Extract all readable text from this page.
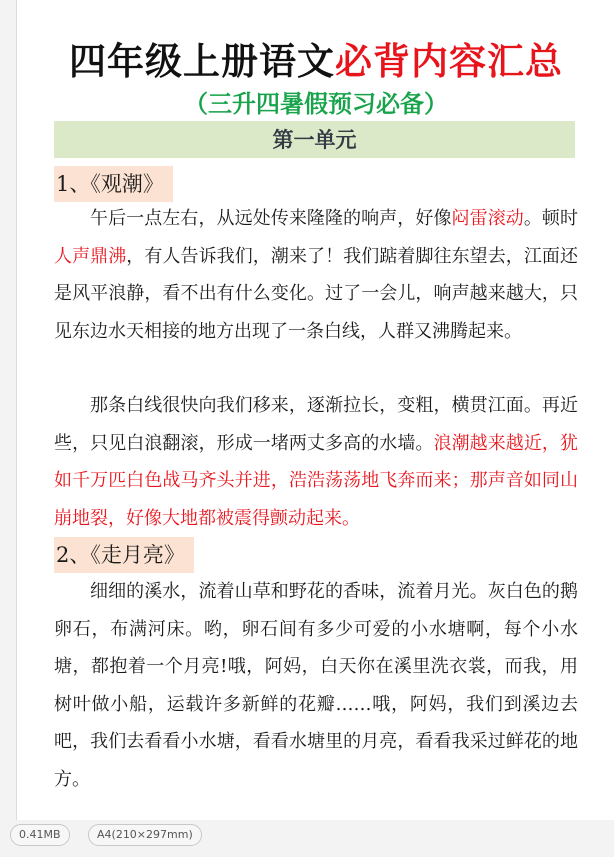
四年级上册语文必背内容汇总
（三升四暑假预习必备）
第一单元
1、《观潮》

午后一点左右，从远处传来隆隆的响声，好像闷雷滚动。顿时人声鼎沸，有人告诉我们，潮来了！我们踮着脚往东望去，江面还是风平浪静，看不出有什么变化。过了一会儿，响声越来越大，只见东边水天相接的地方出现了一条白线，人群又沸腾起来。

那条白线很快向我们移来，逐渐拉长，变粗，横贯江面。再近些，只见白浪翻滚，形成一堵两丈多高的水墙。浪潮越来越近，犹如千万匹白色战马齐头并进，浩浩荡荡地飞奔而来；那声音如同山崩地裂，好像大地都被震得颤动起来。

2、《走月亮》

细细的溪水，流着山草和野花的香味，流着月光。灰白色的鹅卵石，布满河床。哟，卵石间有多少可爱的小水塘啊，每个小水塘，都抱着一个月亮!哦，阿妈，白天你在溪里洗衣裳，而我，用树叶做小船，运载许多新鲜的花瓣……哦，阿妈，我们到溪边去吧，我们去看看小水塘，看看水塘里的月亮，看看我采过鲜花的地方。

0.41MB	A4(210×297mm)
